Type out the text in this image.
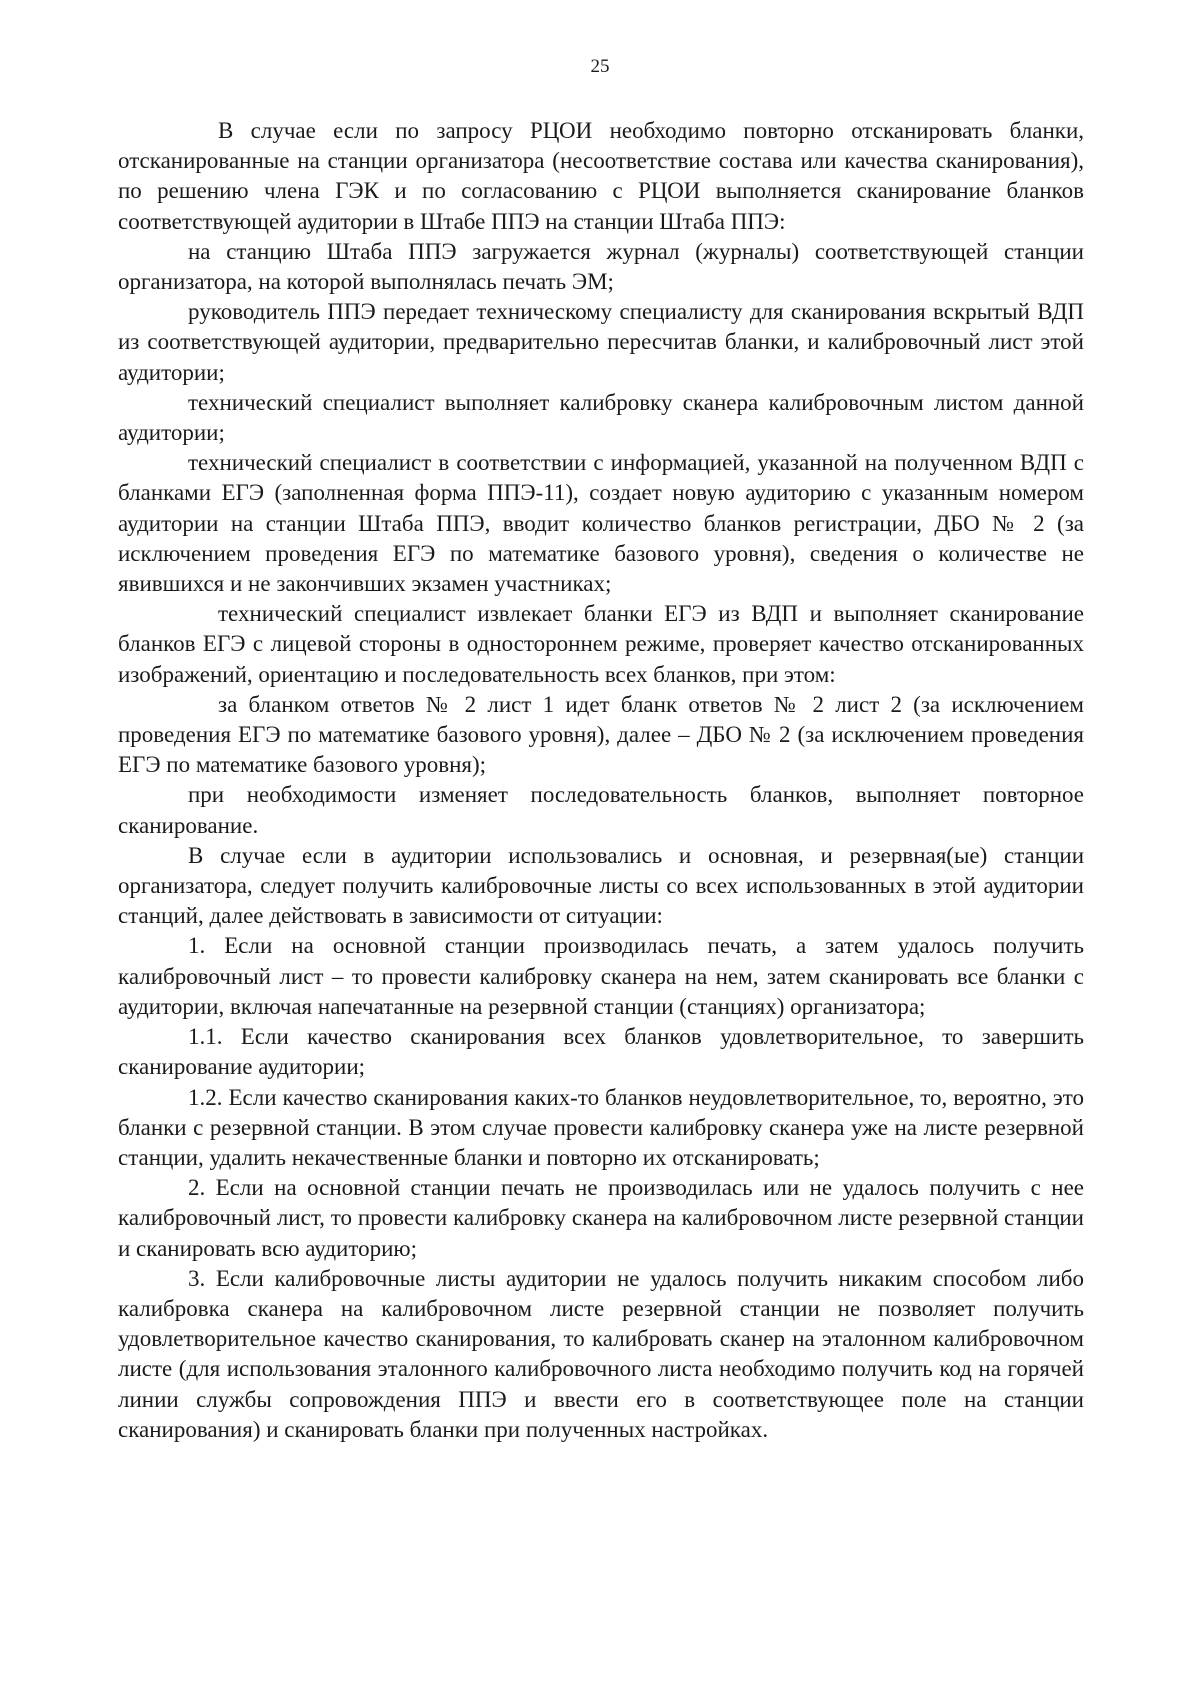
25

В случае если по запросу РЦОИ необходимо повторно отсканировать бланки, отсканированные на станции организатора (несоответствие состава или качества сканирования), по решению члена ГЭК и по согласованию с РЦОИ выполняется сканирование бланков соответствующей аудитории в Штабе ППЭ на станции Штаба ППЭ:

на станцию Штаба ППЭ загружается журнал (журналы) соответствующей станции организатора, на которой выполнялась печать ЭМ;

руководитель ППЭ передает техническому специалисту для сканирования вскрытый ВДП из соответствующей аудитории, предварительно пересчитав бланки, и калибровочный лист этой аудитории;

технический специалист выполняет калибровку сканера калибровочным листом данной аудитории;

технический специалист в соответствии с информацией, указанной на полученном ВДП с бланками ЕГЭ (заполненная форма ППЭ-11), создает новую аудиторию с указанным номером аудитории на станции Штаба ППЭ, вводит количество бланков регистрации, ДБО № 2 (за исключением проведения ЕГЭ по математике базового уровня), сведения о количестве не явившихся и не закончивших экзамен участниках;

технический специалист извлекает бланки ЕГЭ из ВДП и выполняет сканирование бланков ЕГЭ с лицевой стороны в одностороннем режиме, проверяет качество отсканированных изображений, ориентацию и последовательность всех бланков, при этом:

за бланком ответов № 2 лист 1 идет бланк ответов № 2 лист 2 (за исключением проведения ЕГЭ по математике базового уровня), далее – ДБО № 2 (за исключением проведения ЕГЭ по математике базового уровня);

при необходимости изменяет последовательность бланков, выполняет повторное сканирование.

В случае если в аудитории использовались и основная, и резервная(ые) станции организатора, следует получить калибровочные листы со всех использованных в этой аудитории станций, далее действовать в зависимости от ситуации:

1. Если на основной станции производилась печать, а затем удалось получить калибровочный лист – то провести калибровку сканера на нем, затем сканировать все бланки с аудитории, включая напечатанные на резервной станции (станциях) организатора;

1.1. Если качество сканирования всех бланков удовлетворительное, то завершить сканирование аудитории;

1.2. Если качество сканирования каких-то бланков неудовлетворительное, то, вероятно, это бланки с резервной станции. В этом случае провести калибровку сканера уже на листе резервной станции, удалить некачественные бланки и повторно их отсканировать;

2. Если на основной станции печать не производилась или не удалось получить с нее калибровочный лист, то провести калибровку сканера на калибровочном листе резервной станции и сканировать всю аудиторию;

3. Если калибровочные листы аудитории не удалось получить никаким способом либо калибровка сканера на калибровочном листе резервной станции не позволяет получить удовлетворительное качество сканирования, то калибровать сканер на эталонном калибровочном листе (для использования эталонного калибровочного листа необходимо получить код на горячей линии службы сопровождения ППЭ и ввести его в соответствующее поле на станции сканирования) и сканировать бланки при полученных настройках.
